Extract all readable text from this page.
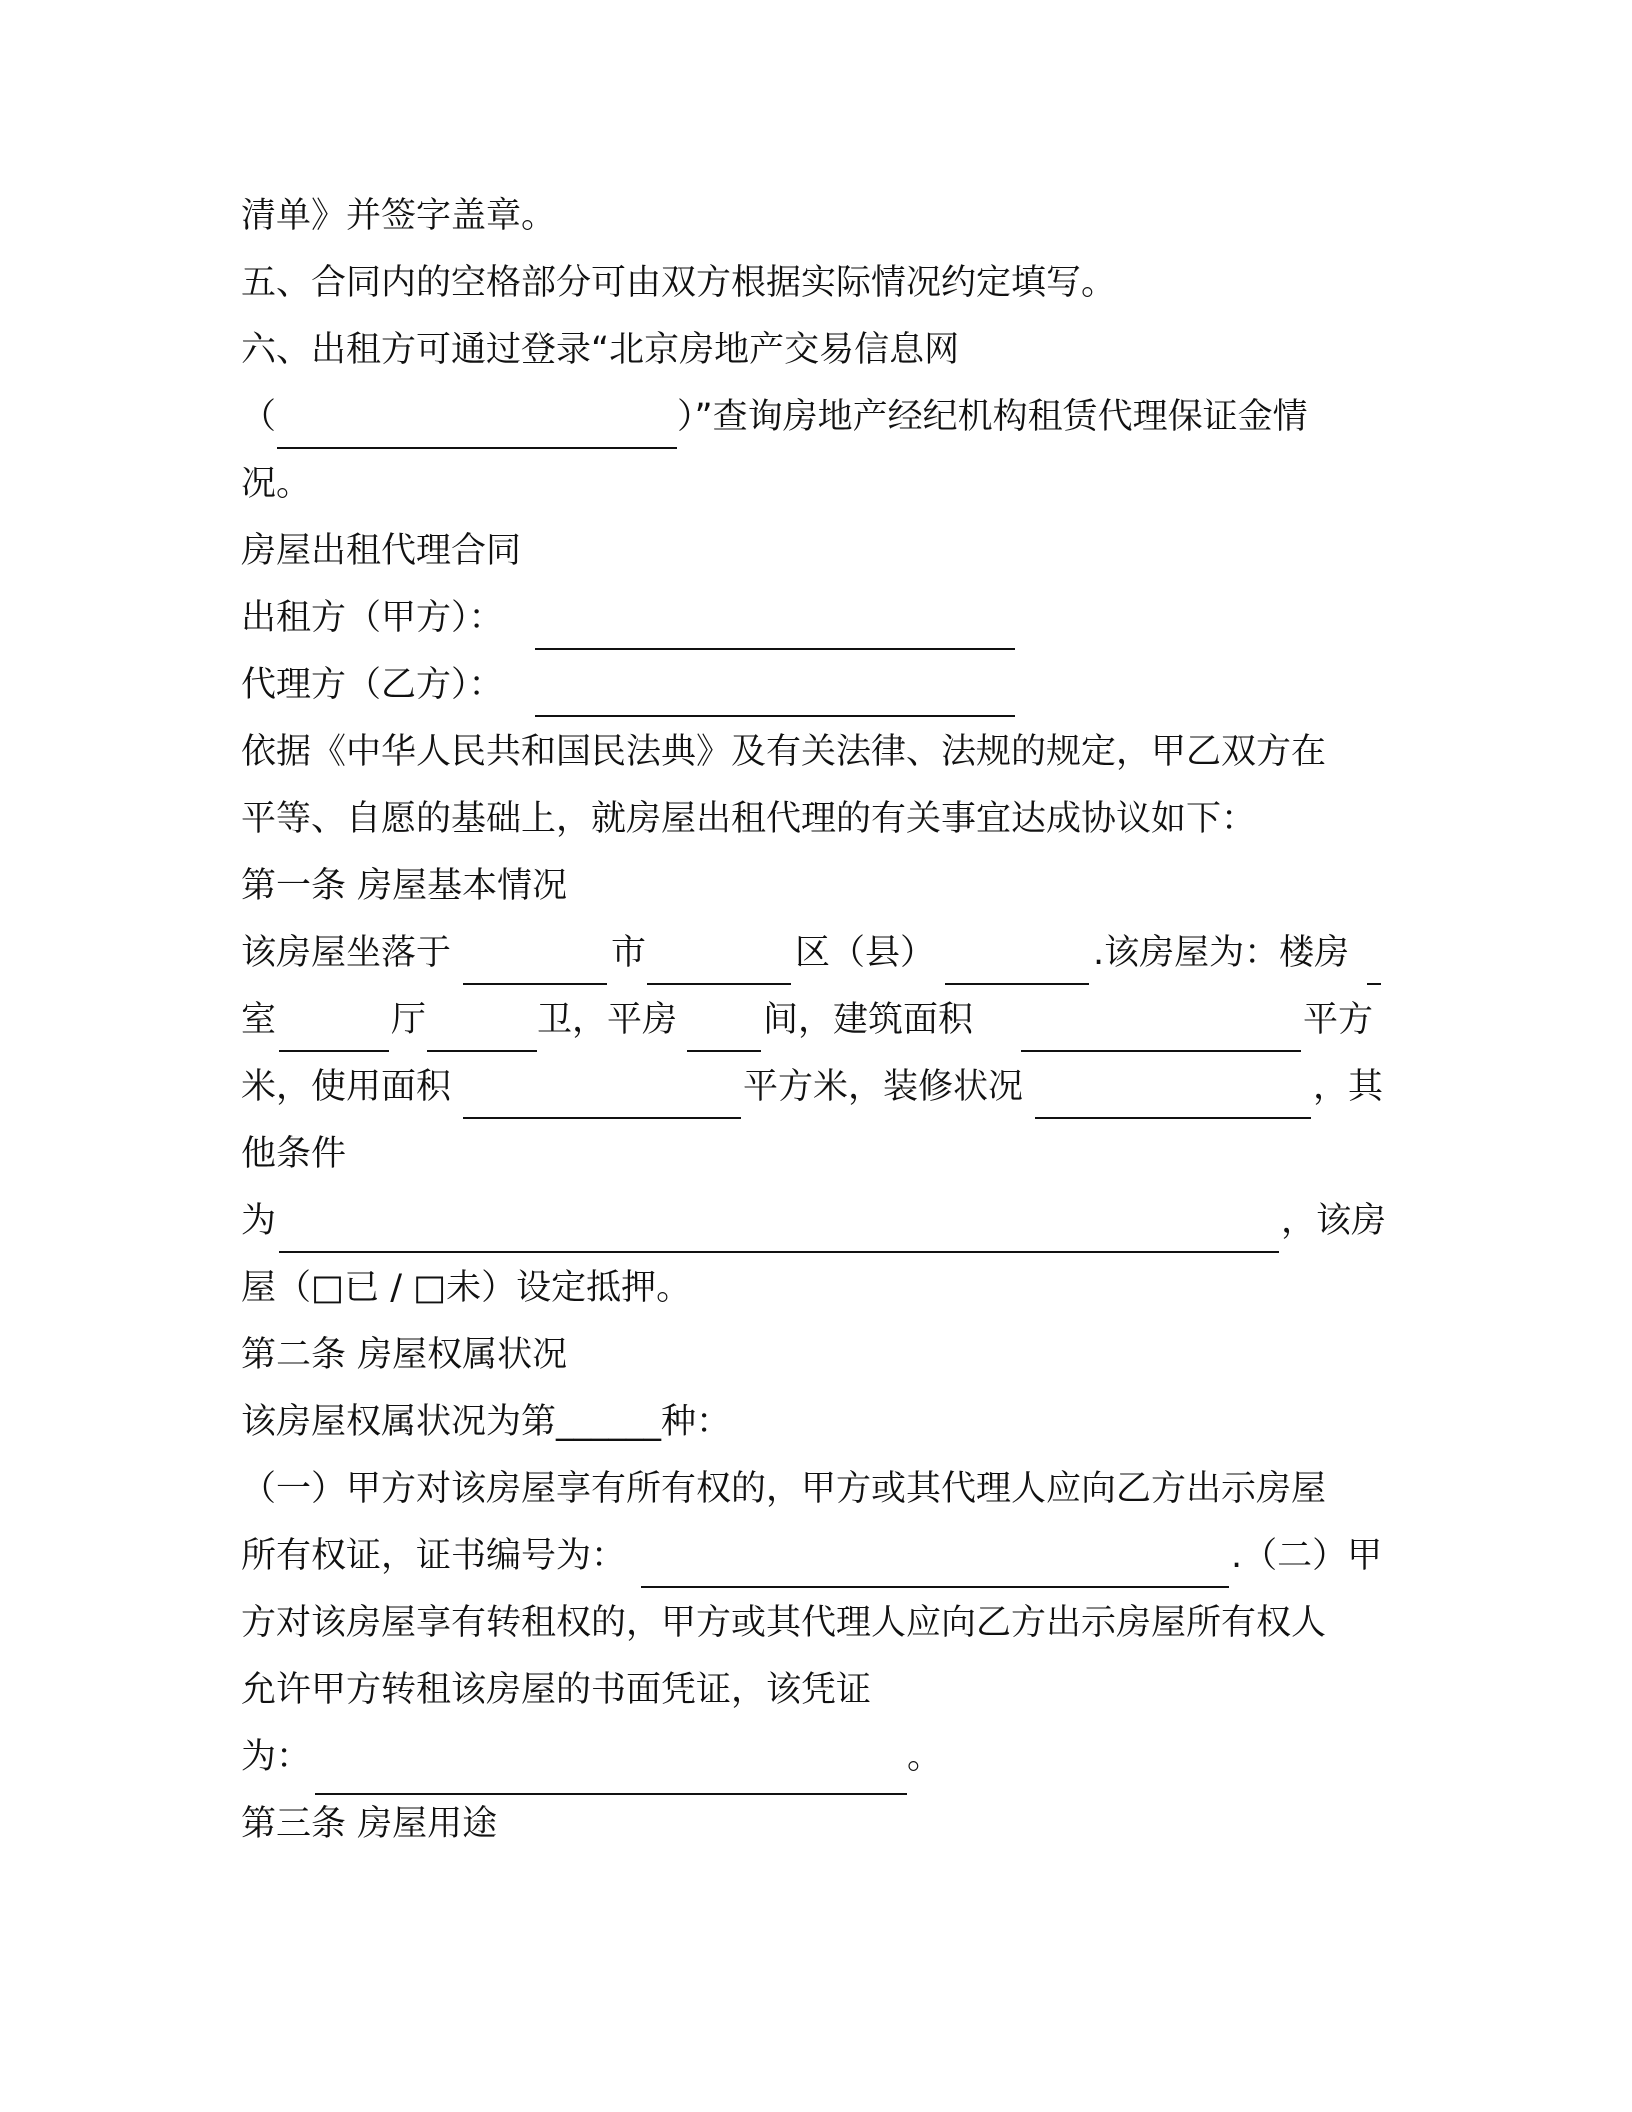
清单》并签字盖章。
五、合同内的空格部分可由双方根据实际情况约定填写。
六、出租方可通过登录“北京房地产交易信息网
（	）”查询房地产经纪机构租赁代理保证金情
况。
房屋出租代理合同
出租方（甲方）：
代理方（乙方）：
依据《中华人民共和国民法典》及有关法律、法规的规定，甲乙双方在
平等、自愿的基础上，就房屋出租代理的有关事宜达成协议如下：
第一条 房屋基本情况
该房屋坐落于	市	区（县）	.该房屋为：楼房
室	厅	卫，平房 间，建筑面积	平方
米，使用面积	平方米，装修状况	，其
他条件
为	，该房
屋（□已 / □未）设定抵押。
第二条 房屋权属状况
该房屋权属状况为第______种：
（一）甲方对该房屋享有所有权的，甲方或其代理人应向乙方出示房屋
所有权证，证书编号为：	.（二）甲
方对该房屋享有转租权的，甲方或其代理人应向乙方出示房屋所有权人
允许甲方转租该房屋的书面凭证，该凭证
为：	。
第三条 房屋用途
